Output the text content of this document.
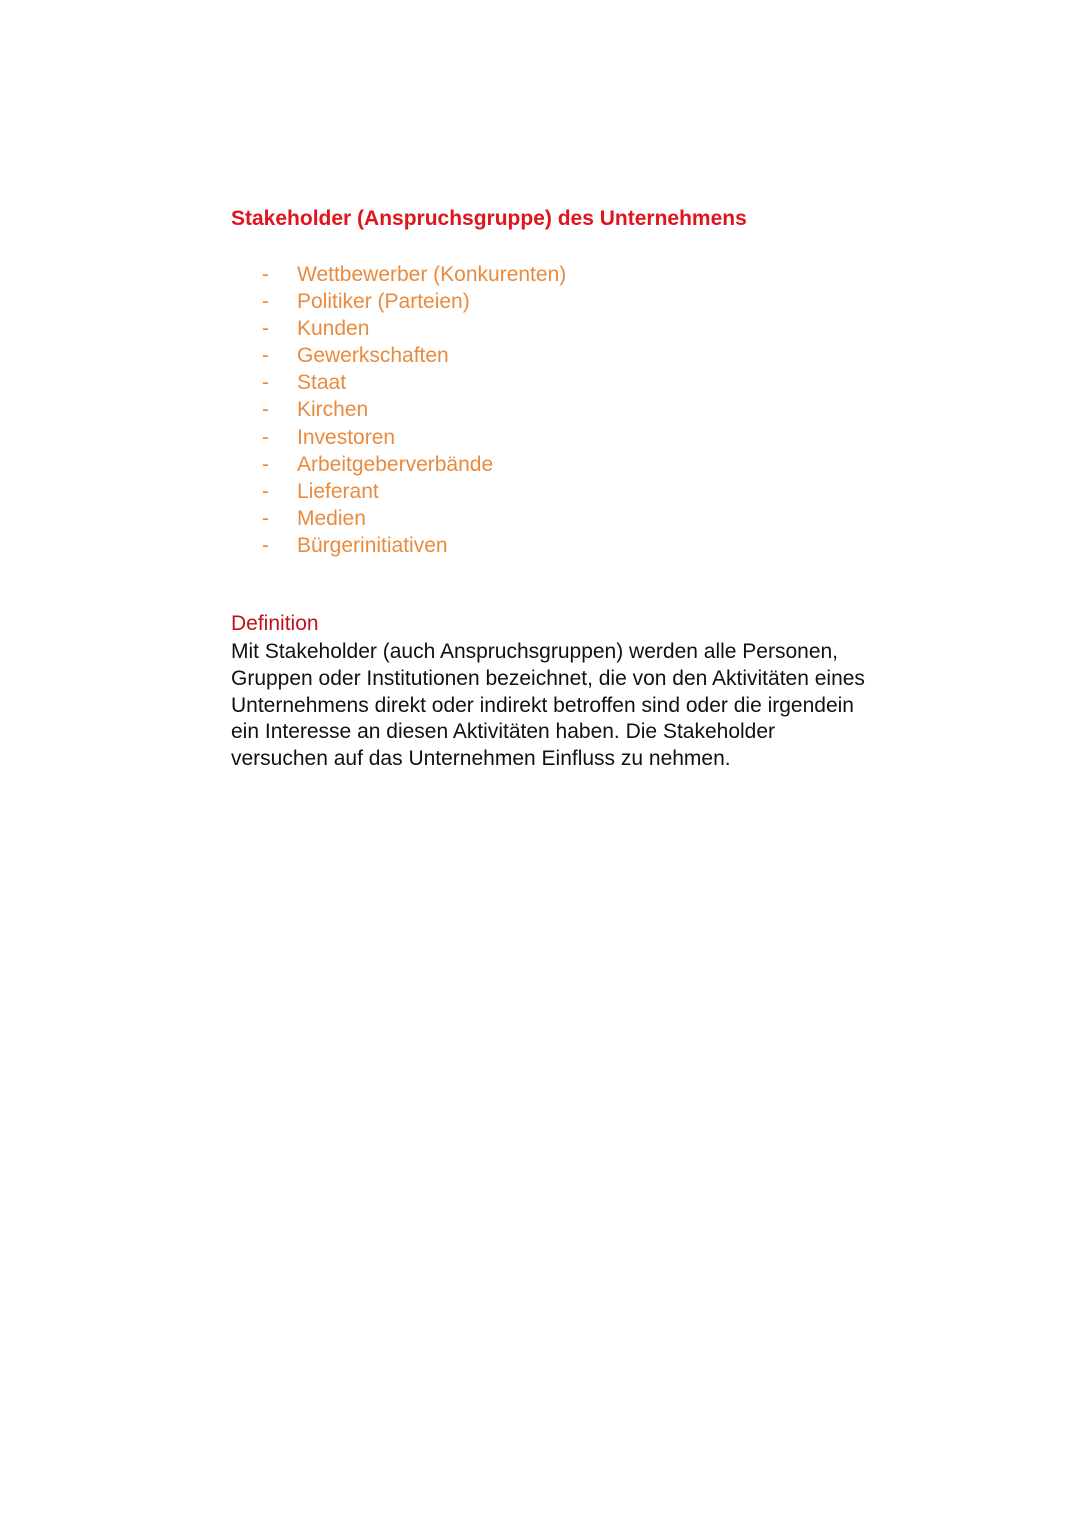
Stakeholder (Anspruchsgruppe) des Unternehmens
- Wettbewerber (Konkurenten)
- Politiker (Parteien)
- Kunden
- Gewerkschaften
- Staat
- Kirchen
- Investoren
- Arbeitgeberverbände
- Lieferant
- Medien
- Bürgerinitiativen
Definition

Mit Stakeholder (auch Anspruchsgruppen) werden alle Personen,
Gruppen oder Institutionen bezeichnet, die von den Aktivitäten eines
Unternehmens direkt oder indirekt betroffen sind oder die irgendein
ein Interesse an diesen Aktivitäten haben. Die Stakeholder
versuchen auf das Unternehmen Einfluss zu nehmen.
